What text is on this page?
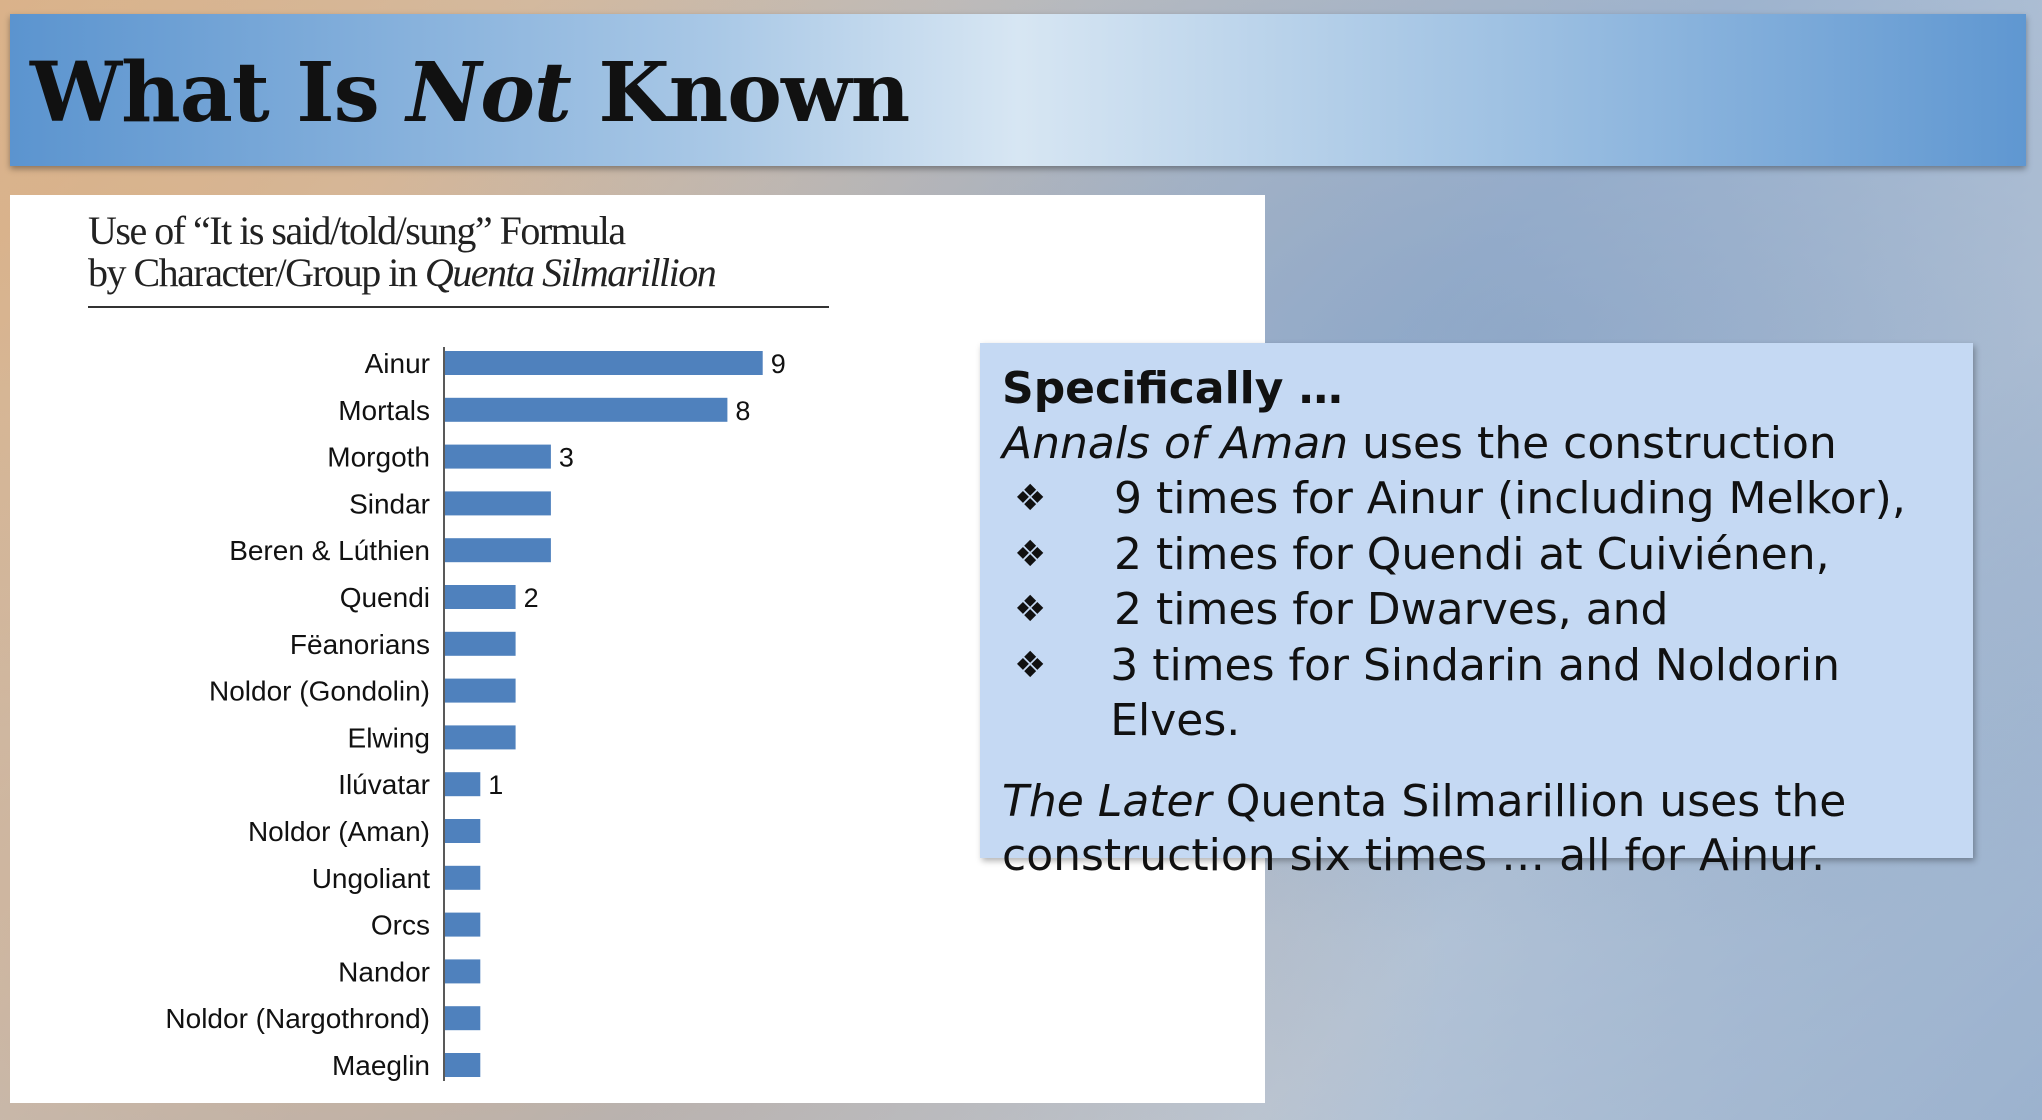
What Is Not Known
Use of “It is said/told/sung” Formula
by Character/Group in Quenta Silmarillion
Ainur	9
Mortals	8
Morgoth	3
Sindar
Beren & Lúthien
Quendi	2
Fëanorians
Noldor (Gondolin)
Elwing
Ilúvatar 1
Noldor (Aman)
Ungoliant
Orcs
Nandor
Noldor (Nargothrond)
Maeglin

Specifically …

Annals of Aman uses the construction

❖	9 times for Ainur (including Melkor),
❖	2 times for Quendi at Cuiviénen,
❖	2 times for Dwarves, and
❖	3 times for Sindarin and Noldorin Elves.

The Later Quenta Silmarillion uses the construction six times … all for Ainur.
